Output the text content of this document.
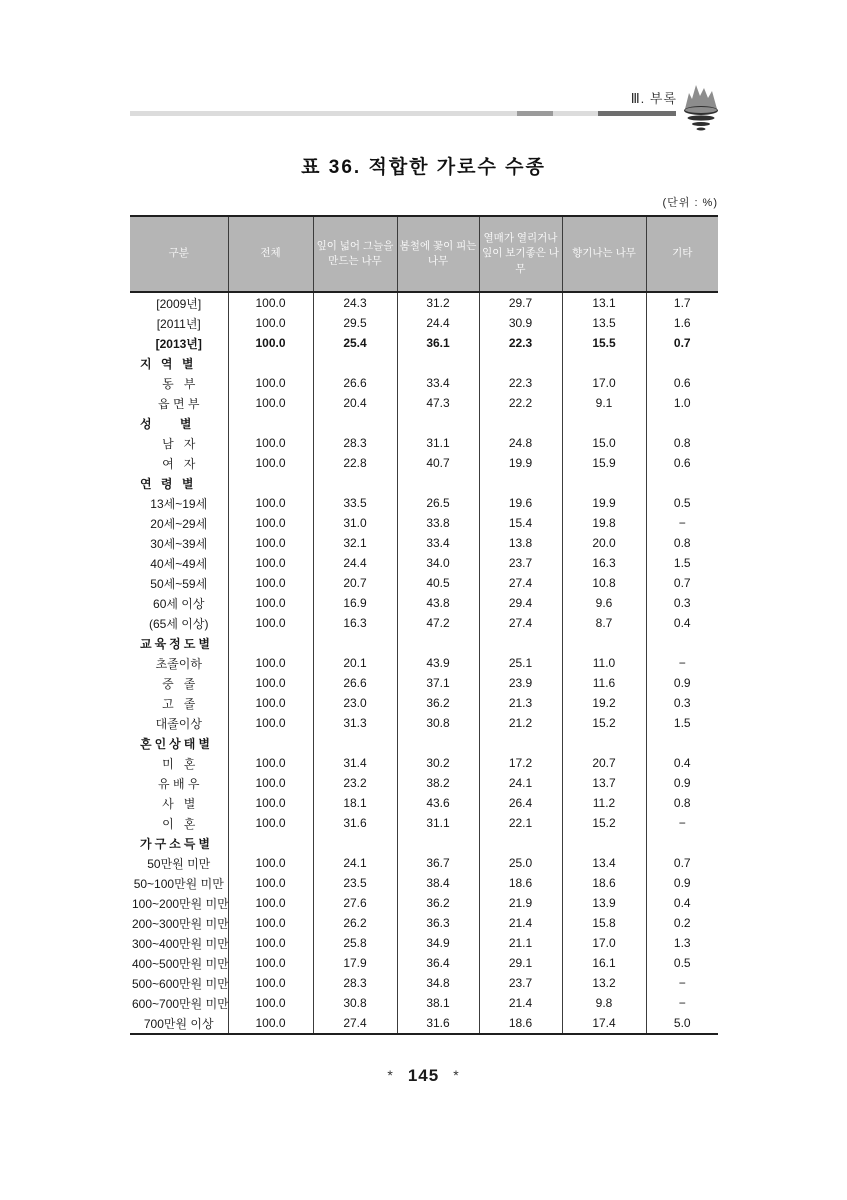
Ⅲ. 부록
표 36. 적합한 가로수 수종
(단위 : %)
구분	전체	잎이 넓어 그늘을 만드는 나무	봄철에 꽃이 피는 나무	열매가 열리거나 잎이 보기좋은 나무	향기나는 나무	기타
[2009년]	100.0	24.3	31.2	29.7	13.1	1.7
[2011년]	100.0	29.5	24.4	30.9	13.5	1.6
[2013년]	100.0	25.4	36.1	22.3	15.5	0.7
지 역 별						
동   부	100.0	26.6	33.4	22.3	17.0	0.6
읍 면 부	100.0	20.4	47.3	22.2	9.1	1.0
성    별						
남   자	100.0	28.3	31.1	24.8	15.0	0.8
여   자	100.0	22.8	40.7	19.9	15.9	0.6
연 령 별						
13세~19세	100.0	33.5	26.5	19.6	19.9	0.5
20세~29세	100.0	31.0	33.8	15.4	19.8	−
30세~39세	100.0	32.1	33.4	13.8	20.0	0.8
40세~49세	100.0	24.4	34.0	23.7	16.3	1.5
50세~59세	100.0	20.7	40.5	27.4	10.8	0.7
60세 이상	100.0	16.9	43.8	29.4	9.6	0.3
(65세 이상)	100.0	16.3	47.2	27.4	8.7	0.4
교육정도별						
초졸이하	100.0	20.1	43.9	25.1	11.0	−
중   졸	100.0	26.6	37.1	23.9	11.6	0.9
고   졸	100.0	23.0	36.2	21.3	19.2	0.3
대졸이상	100.0	31.3	30.8	21.2	15.2	1.5
혼인상태별						
미   혼	100.0	31.4	30.2	17.2	20.7	0.4
유 배 우	100.0	23.2	38.2	24.1	13.7	0.9
사   별	100.0	18.1	43.6	26.4	11.2	0.8
이   혼	100.0	31.6	31.1	22.1	15.2	−
가구소득별						
50만원 미만	100.0	24.1	36.7	25.0	13.4	0.7
50~100만원 미만	100.0	23.5	38.4	18.6	18.6	0.9
100~200만원 미만	100.0	27.6	36.2	21.9	13.9	0.4
200~300만원 미만	100.0	26.2	36.3	21.4	15.8	0.2
300~400만원 미만	100.0	25.8	34.9	21.1	17.0	1.3
400~500만원 미만	100.0	17.9	36.4	29.1	16.1	0.5
500~600만원 미만	100.0	28.3	34.8	23.7	13.2	−
600~700만원 미만	100.0	30.8	38.1	21.4	9.8	−
700만원 이상	100.0	27.4	31.6	18.6	17.4	5.0
* 145 *
